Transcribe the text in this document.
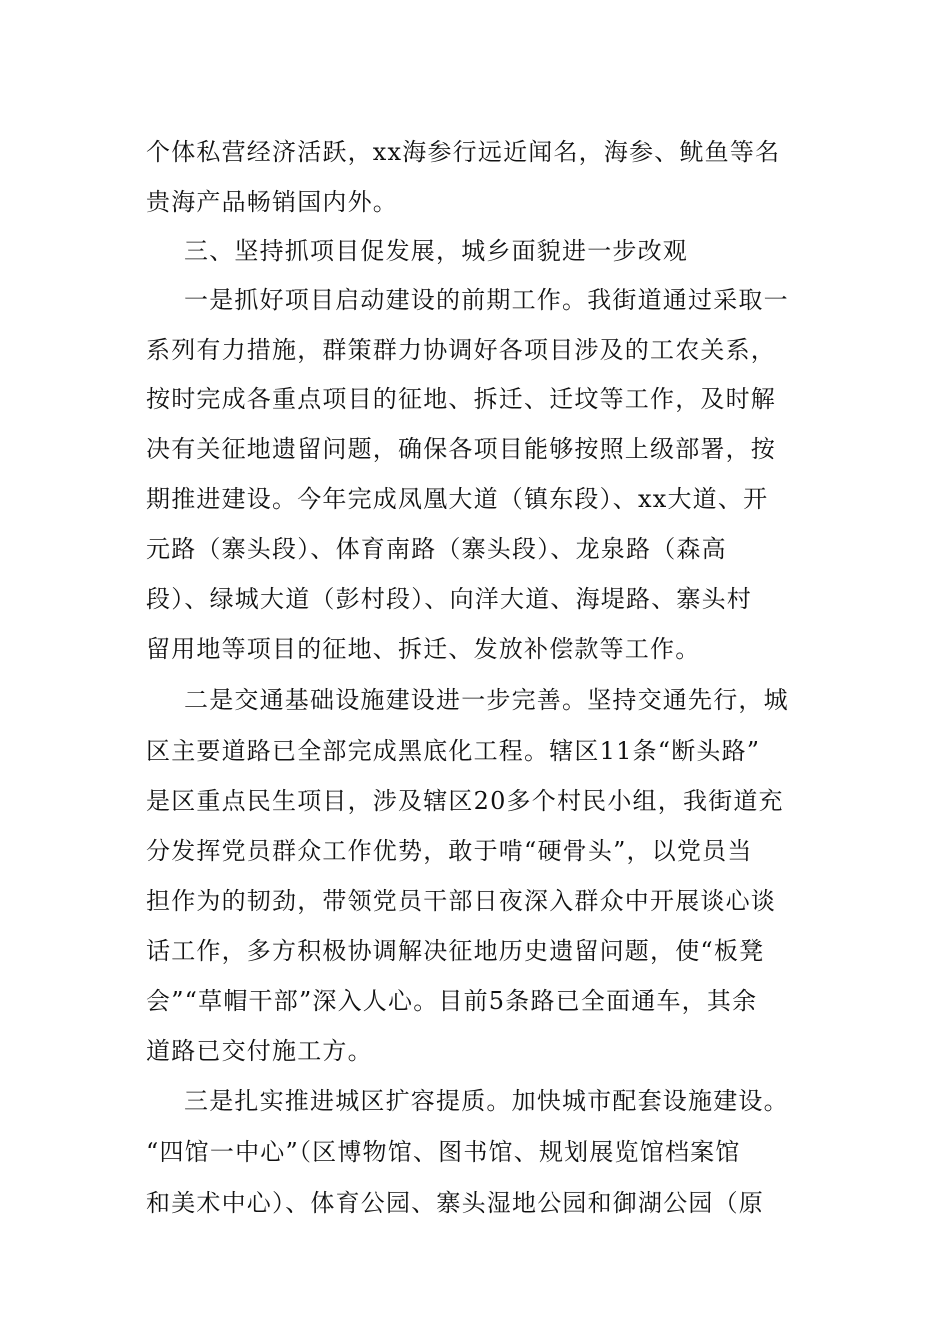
个体私营经济活跃，xx海参行远近闻名，海参、鱿鱼等名
贵海产品畅销国内外。
三、坚持抓项目促发展，城乡面貌进一步改观
一是抓好项目启动建设的前期工作。我街道通过采取一
系列有力措施，群策群力协调好各项目涉及的工农关系，
按时完成各重点项目的征地、拆迁、迁坟等工作，及时解
决有关征地遗留问题，确保各项目能够按照上级部署，按
期推进建设。今年完成凤凰大道（镇东段）、xx大道、开
元路（寨头段）、体育南路（寨头段）、龙泉路（森高
段）、绿城大道（彭村段）、向洋大道、海堤路、寨头村
留用地等项目的征地、拆迁、发放补偿款等工作。
二是交通基础设施建设进一步完善。坚持交通先行，城
区主要道路已全部完成黑底化工程。辖区11条“断头路”
是区重点民生项目，涉及辖区20多个村民小组，我街道充
分发挥党员群众工作优势，敢于啃“硬骨头”，以党员当
担作为的韧劲，带领党员干部日夜深入群众中开展谈心谈
话工作，多方积极协调解决征地历史遗留问题，使“板凳
会”“草帽干部”深入人心。目前5条路已全面通车，其余
道路已交付施工方。
三是扎实推进城区扩容提质。加快城市配套设施建设。
“四馆一中心”（区博物馆、图书馆、规划展览馆档案馆
和美术中心）、体育公园、寨头湿地公园和御湖公园（原
